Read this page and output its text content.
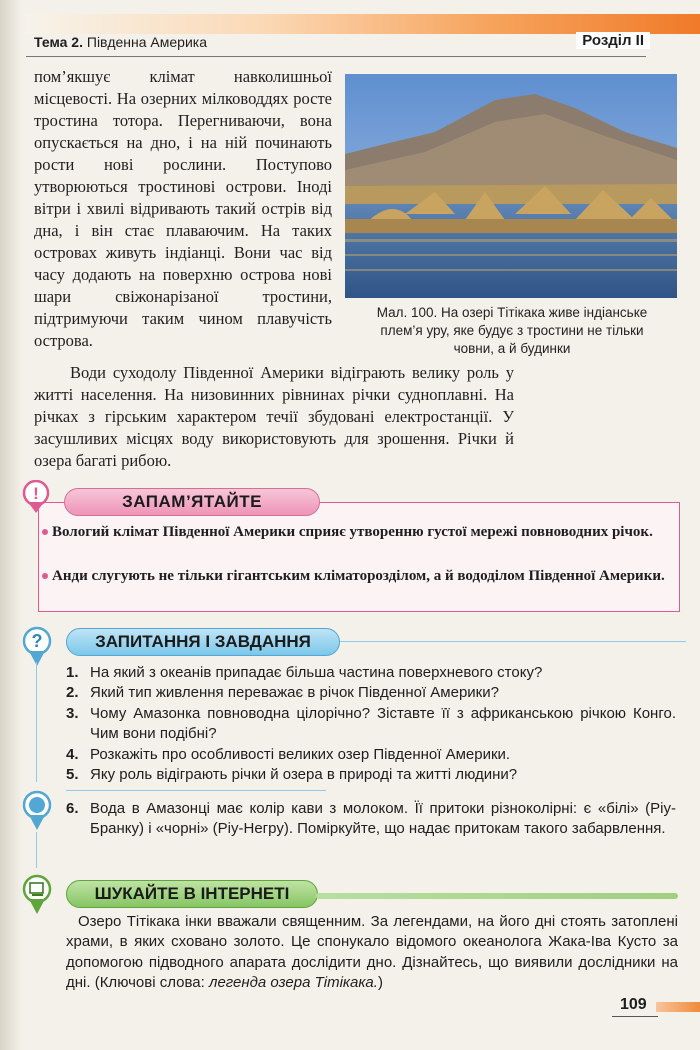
Тема 2. Південна Америка	Розділ II
пом’якшує клімат навколишньої місцевості. На озерних мілководдях росте тростина тотора. Перегниваючи, вона опускається на дно, і на ній починають рости нові рослини. Поступово утворюються тростинові острови. Іноді вітри і хвилі відривають такий острів від дна, і він стає плаваючим. На таких островах живуть індіанці. Вони час від часу додають на поверхню острова нові шари свіжонарізаної тростини, підтримуючи таким чином плавучість острова.
Мал. 100. На озері Тітікака живе індіанське
плем’я уру, яке будує з тростини не тільки
човни, а й будинки
Води суходолу Південної Америки відіграють велику роль у житті населення. На низовинних рівнинах річки судноплавні. На річках з гірським характером течії збудовані електростанції. У засушливих місцях воду використовують для зрошення. Річки й озера багаті рибою.
!	ЗАПАМ’ЯТАЙТЕ
Вологий клімат Південної Америки сприяє утворенню густої мережі повноводних річок.
Анди слугують не тільки гігантським кліматорозділом, а й вододілом Південної Америки.
?	ЗАПИТАННЯ І ЗАВДАННЯ
1. На який з океанів припадає більша частина поверхневого стоку?
2. Який тип живлення переважає в річок Південної Америки?
3. Чому Амазонка повноводна цілорічно? Зіставте її з африканською річкою Конго. Чим вони подібні?
4. Розкажіть про особливості великих озер Південної Америки.
5. Яку роль відіграють річки й озера в природі та житті людини?
6. Вода в Амазонці має колір кави з молоком. Її притоки різноколірні: є «білі» (Ріу-Бранку) і «чорні» (Ріу-Негру). Поміркуйте, що надає притокам такого забарвлення.
ШУКАЙТЕ В ІНТЕРНЕТІ
Озеро Тітікака інки вважали священним. За легендами, на його дні стоять затоплені храми, в яких сховано золото. Це спонукало відомого океанолога Жака-Іва Кусто за допомогою підводного апарата дослідити дно. Дізнайтесь, що виявили дослідники на дні. (Ключові слова: легенда озера Тітікака.)
109
